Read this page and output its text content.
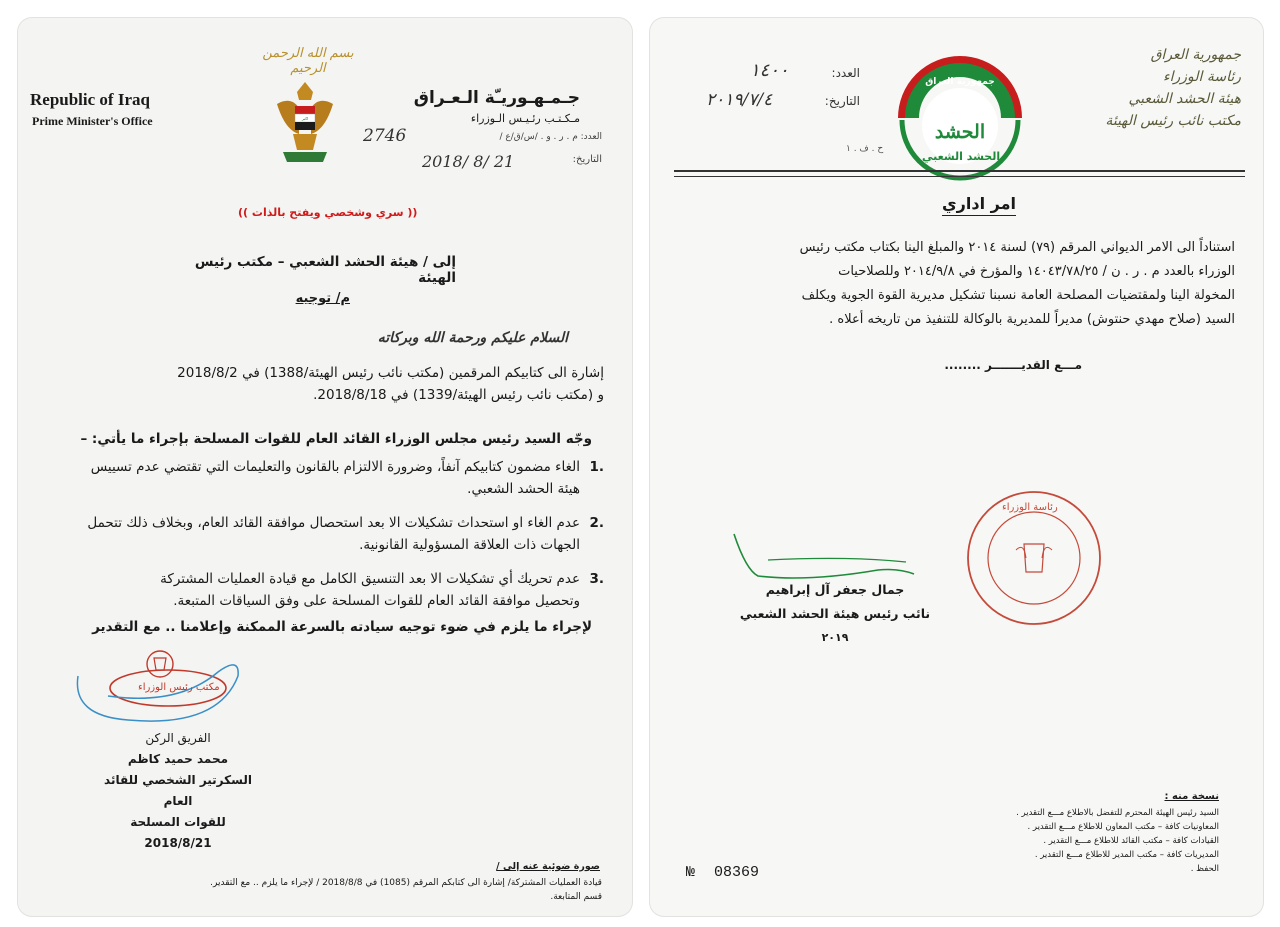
بسم الله الرحمن الرحيم
Republic of Iraq
Prime Minister's Office	اكبر
جـمـهـوريـّة الـعـراق
مـكـتـب رئـيـس الـوزراء
العدد: م . ر . و . /س/ق/ع /
2746
التاريخ:
2018/ 8/ 21
(( سري وشخصي ويفتح بالذات ))
إلى / هيئة الحشد الشعبي – مكتب رئيس الهيئة
م/ توجيه
السلام عليكم ورحمة الله وبركاته
إشارة الى كتابيكم المرقمين (مكتب نائب رئيس الهيئة/1388) في 2018/8/2
و (مكتب نائب رئيس الهيئة/1339) في 2018/8/18.
وجّه السيد رئيس مجلس الوزراء القائد العام للقوات المسلحة بإجراء ما يأتي: –
.1
الغاء مضمون كتابيكم آنفاً، وضرورة الالتزام بالقانون والتعليمات التي تقتضي عدم تسييس
هيئة الحشد الشعبي.
.2
عدم الغاء او استحداث تشكيلات الا بعد استحصال موافقة القائد العام، وبخلاف ذلك تتحمل
الجهات ذات العلاقة المسؤولية القانونية.
.3
عدم تحريك أي تشكيلات الا بعد التنسيق الكامل مع قيادة العمليات المشتركة
وتحصيل موافقة القائد العام للقوات المسلحة على وفق السياقات المتبعة.
لإجراء ما يلزم في ضوء توجيه سيادته بالسرعة الممكنة وإعلامنا .. مع التقدير
مكتب رئيس الوزراء
الفريق الركن
محمد حميد كاظم
السكرتير الشخصي للقائد العام
للقوات المسلحة
2018/8/21
صورة ضوئية عنه إلى /
قيادة العمليات المشتركة/ إشارة الى كتابكم المرقم (1085) في 2018/8/8 / لإجراء ما يلزم .. مع التقدير.
قسم المتابعة.
جمهورية العراق
رئاسة الوزراء
هيئة الحشد الشعبي
مكتب نائب رئيس الهيئة
جمهورية العراق
الحشد
الحشد الشعبي
العدد:
١٤٠٠
التاريخ:
٢٠١٩/٧/٤
ح . ف . ١
امر اداري
استناداً الى الامر الديواني المرقم (٧٩) لسنة ٢٠١٤ والمبلغ الينا بكتاب مكتب رئيس
الوزراء بالعدد م . ر . ن / ١٤٠٤٣/٧٨/٢٥ والمؤرخ في ٢٠١٤/٩/٨ وللصلاحيات
المخولة الينا ولمقتضيات المصلحة العامة نسبنا تشكيل مديرية القوة الجوية ويكلف
السيد (صلاح مهدي حنتوش) مديراً للمديرية بالوكالة للتنفيذ من تاريخه أعلاه .
مـــع القديـــــــر ........
جمال جعفر آل إبراهيم
نائب رئيس هيئة الحشد الشعبي
٢٠١٩
رئاسة الوزراء
نسخة منه :
السيد رئيس الهيئة المحترم للتفضل بالاطلاع مـــع التقدير .
المعاونيات كافة – مكتب المعاون للاطلاع مـــع التقدير .
القيادات كافة – مكتب القائد للاطلاع مـــع التقدير .
المديريات كافة – مكتب المدير للاطلاع مـــع التقدير .
الحفظ .
№ 08369
